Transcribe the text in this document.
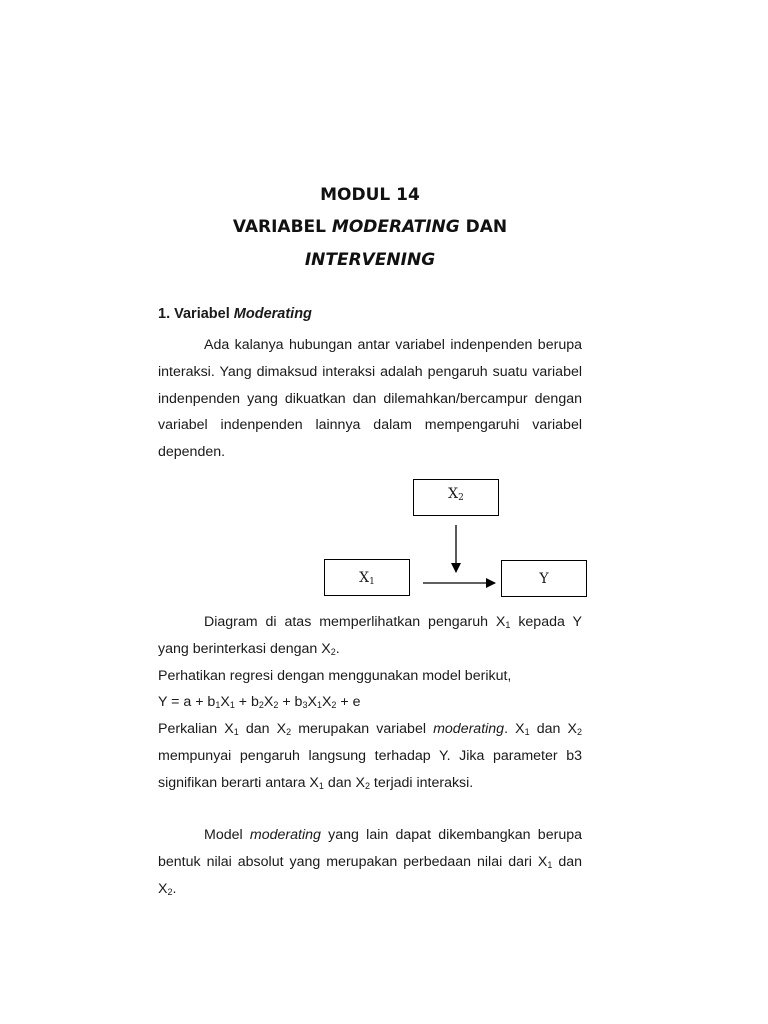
MODUL 14
VARIABEL MODERATING DAN
INTERVENING
1. Variabel Moderating
Ada kalanya hubungan antar variabel indenpenden berupa interaksi. Yang dimaksud interaksi adalah pengaruh suatu variabel indenpenden yang dikuatkan dan dilemahkan/bercampur dengan variabel indenpenden lainnya dalam mempengaruhi variabel dependen.
$X_2$
$X_1$	Y
Diagram di atas memperlihatkan pengaruh $X_1$ kepada Y yang berinterkasi dengan $X_2$.
Perhatikan regresi dengan menggunakan model berikut,
$Y = a + b_1X_1 + b_2X_2 + b_3X_1X_2 + e$
Perkalian $X_1$ dan $X_2$ merupakan variabel moderating. $X_1$ dan $X_2$ mempunyai pengaruh langsung terhadap Y. Jika parameter b3 signifikan berarti antara $X_1$ dan $X_2$ terjadi interaksi.
Model moderating yang lain dapat dikembangkan berupa bentuk nilai absolut yang merupakan perbedaan nilai dari $X_1$ dan $X_2$.
